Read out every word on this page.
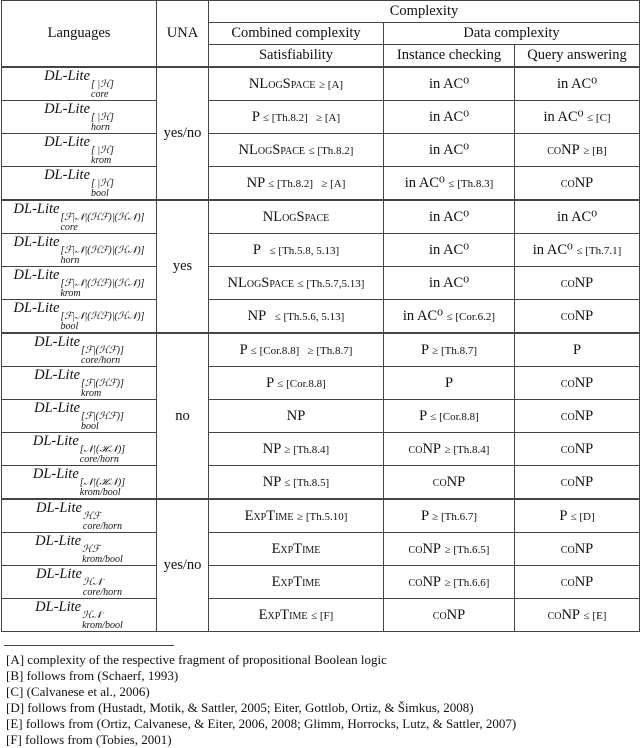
Languages	UNA	Complexity		
		Combined complexity	Data complexity	
		Satisfiability	Instance checking	Query answering
DL-Lite
[ |ℋ]
core	yes/no	NLogSpace ≥ [A]	in AC⁰	in AC⁰
DL-Lite
[ |ℋ]
horn		P ≤ [Th.8.2]   ≥ [A]	in AC⁰	in AC⁰ ≤ [C]
DL-Lite
[ |ℋ]
krom		NLogSpace ≤ [Th.8.2]	in AC⁰	coNP ≥ [B]
DL-Lite
[ |ℋ]
bool		NP ≤ [Th.8.2]   ≥ [A]	in AC⁰ ≤ [Th.8.3]	coNP
DL-Lite
[ℱ|𝒩|(ℋℱ)|(ℋ𝒩)]
core	yes	NLogSpace	in AC⁰	in AC⁰
DL-Lite
[ℱ|𝒩|(ℋℱ)|(ℋ𝒩)]
horn		P   ≤ [Th.5.8, 5.13]	in AC⁰	in AC⁰ ≤ [Th.7.1]
DL-Lite
[ℱ|𝒩|(ℋℱ)|(ℋ𝒩)]
krom		NLogSpace ≤ [Th.5.7,5.13]	in AC⁰	coNP
DL-Lite
[ℱ|𝒩|(ℋℱ)|(ℋ𝒩)]
bool		NP   ≤ [Th.5.6, 5.13]	in AC⁰ ≤ [Cor.6.2]	coNP
DL-Lite
[ℱ|(ℋℱ)]
core/horn	no	P ≤ [Cor.8.8]   ≥ [Th.8.7]	P ≥ [Th.8.7]	P
DL-Lite
[ℱ|(ℋℱ)]
krom		P ≤ [Cor.8.8]	P	coNP
DL-Lite
[ℱ|(ℋℱ)]
bool		NP	P ≤ [Cor.8.8]	coNP
DL-Lite
[𝒩|(ℋ𝒩)]
core/horn		NP ≥ [Th.8.4]	coNP ≥ [Th.8.4]	coNP
DL-Lite
[𝒩|(ℋ𝒩)]
krom/bool		NP ≤ [Th.8.5]	coNP	coNP
DL-Lite
ℋℱ
core/horn	yes/no	ExpTime ≥ [Th.5.10]	P ≥ [Th.6.7]	P ≤ [D]
DL-Lite
ℋℱ
krom/bool		ExpTime	coNP ≥ [Th.6.5]	coNP
DL-Lite
ℋ𝒩
core/horn		ExpTime	coNP ≥ [Th.6.6]	coNP
DL-Lite
ℋ𝒩
krom/bool		ExpTime ≤ [F]	coNP	coNP ≤ [E]
[A] complexity of the respective fragment of propositional Boolean logic
[B] follows from (Schaerf, 1993)
[C] (Calvanese et al., 2006)
[D] follows from (Hustadt, Motik, & Sattler, 2005; Eiter, Gottlob, Ortiz, & Šimkus, 2008)
[E] follows from (Ortiz, Calvanese, & Eiter, 2006, 2008; Glimm, Horrocks, Lutz, & Sattler, 2007)
[F] follows from (Tobies, 2001)
